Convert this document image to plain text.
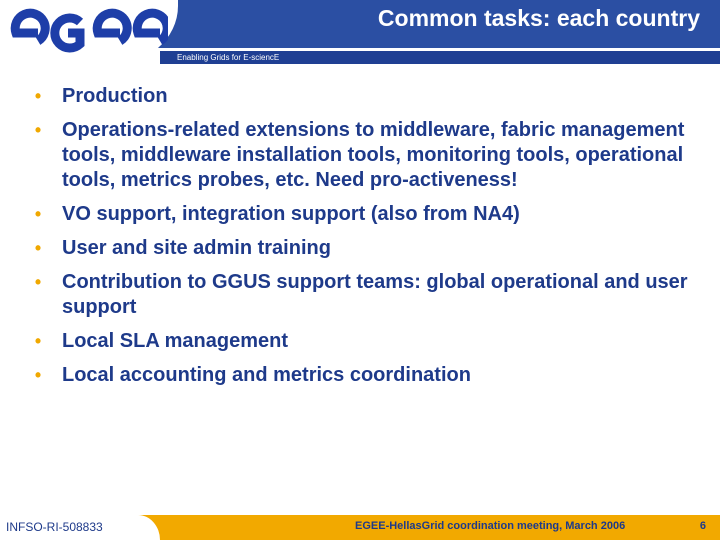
Common tasks: each country
Enabling Grids for E-sciencE
•	Production
•	Operations-related extensions to middleware, fabric management tools, middleware installation tools, monitoring tools, operational tools, metrics probes, etc. Need pro-activeness!
•	VO support, integration support (also from NA4)
•	User and site admin training
•	Contribution to GGUS support teams: global operational and user support
•	Local SLA management
•	Local accounting and metrics coordination
INFSO-RI-508833	EGEE-HellasGrid coordination meeting, March 2006	6
